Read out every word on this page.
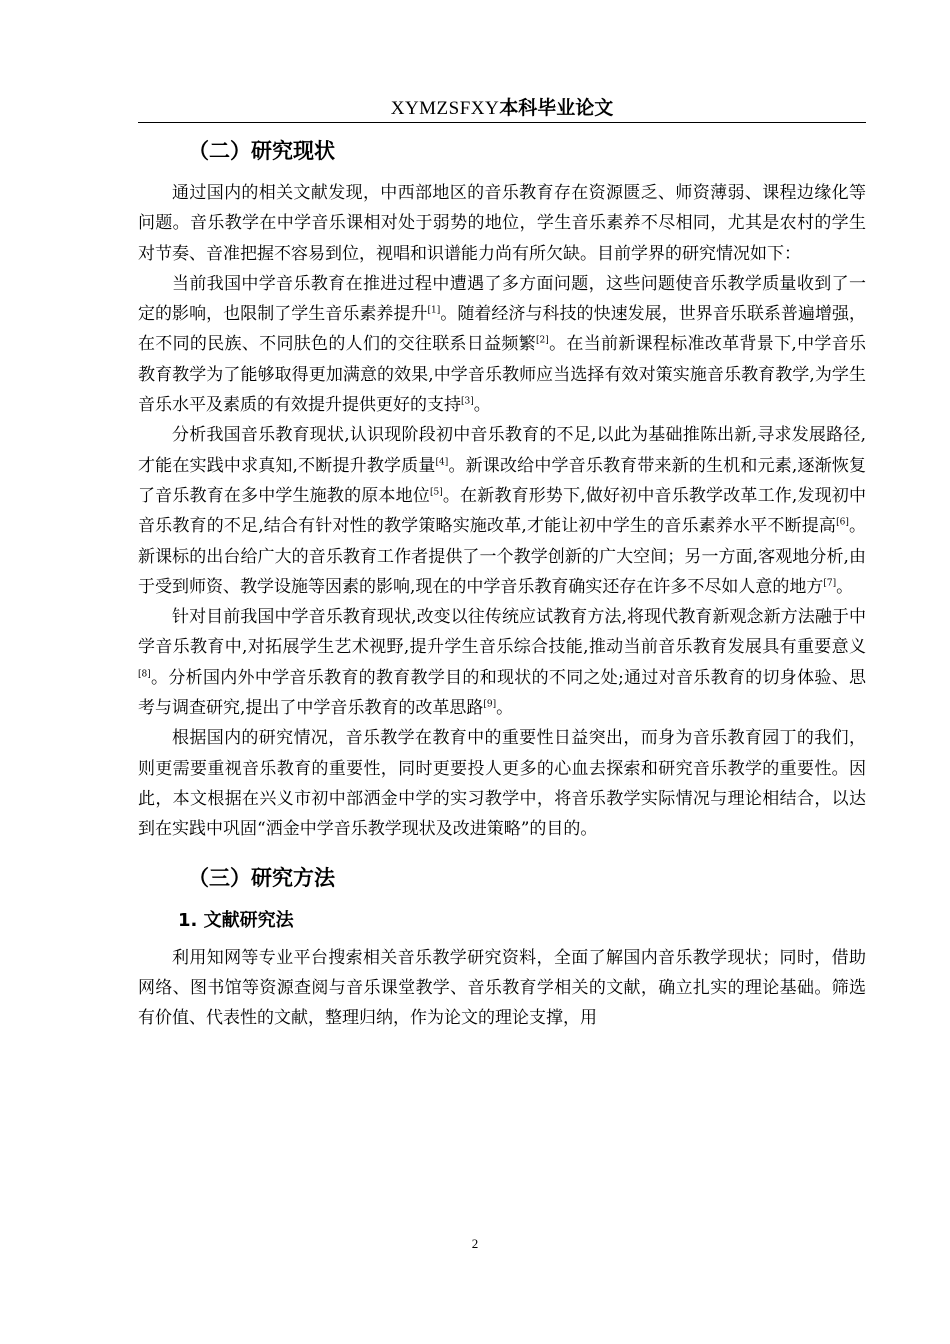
XYMZSFXY本科毕业论文
（二）研究现状

通过国内的相关文献发现，中西部地区的音乐教育存在资源匮乏、师资薄弱、课程边缘化等问题。音乐教学在中学音乐课相对处于弱势的地位，学生音乐素养不尽相同，尤其是农村的学生对节奏、音准把握不容易到位，视唱和识谱能力尚有所欠缺。目前学界的研究情况如下：

当前我国中学音乐教育在推进过程中遭遇了多方面问题，这些问题使音乐教学质量收到了一定的影响，也限制了学生音乐素养提升[1]。随着经济与科技的快速发展，世界音乐联系普遍增强，在不同的民族、不同肤色的人们的交往联系日益频繁[2]。在当前新课程标准改革背景下,中学音乐教育教学为了能够取得更加满意的效果,中学音乐教师应当选择有效对策实施音乐教育教学,为学生音乐水平及素质的有效提升提供更好的支持[3]。

分析我国音乐教育现状,认识现阶段初中音乐教育的不足,以此为基础推陈出新,寻求发展路径,才能在实践中求真知,不断提升教学质量[4]。新课改给中学音乐教育带来新的生机和元素,逐渐恢复了音乐教育在多中学生施教的原本地位[5]。在新教育形势下,做好初中音乐教学改革工作,发现初中音乐教育的不足,结合有针对性的教学策略实施改革,才能让初中学生的音乐素养水平不断提高[6]。新课标的出台给广大的音乐教育工作者提供了一个教学创新的广大空间；另一方面,客观地分析,由于受到师资、教学设施等因素的影响,现在的中学音乐教育确实还存在许多不尽如人意的地方[7]。

针对目前我国中学音乐教育现状,改变以往传统应试教育方法,将现代教育新观念新方法融于中学音乐教育中,对拓展学生艺术视野,提升学生音乐综合技能,推动当前音乐教育发展具有重要意义[8]。分析国内外中学音乐教育的教育教学目的和现状的不同之处;通过对音乐教育的切身体验、思考与调查研究,提出了中学音乐教育的改革思路[9]。

根据国内的研究情况，音乐教学在教育中的重要性日益突出，而身为音乐教育园丁的我们，则更需要重视音乐教育的重要性，同时更要投人更多的心血去探索和研究音乐教学的重要性。因此，本文根据在兴义市初中部洒金中学的实习教学中，将音乐教学实际情况与理论相结合，以达到在实践中巩固“洒金中学音乐教学现状及改进策略”的目的。

（三）研究方法
1. 文献研究法

利用知网等专业平台搜索相关音乐教学研究资料，全面了解国内音乐教学现状；同时，借助网络、图书馆等资源查阅与音乐课堂教学、音乐教育学相关的文献，确立扎实的理论基础。筛选有价值、代表性的文献，整理归纳，作为论文的理论支撑，用

2
